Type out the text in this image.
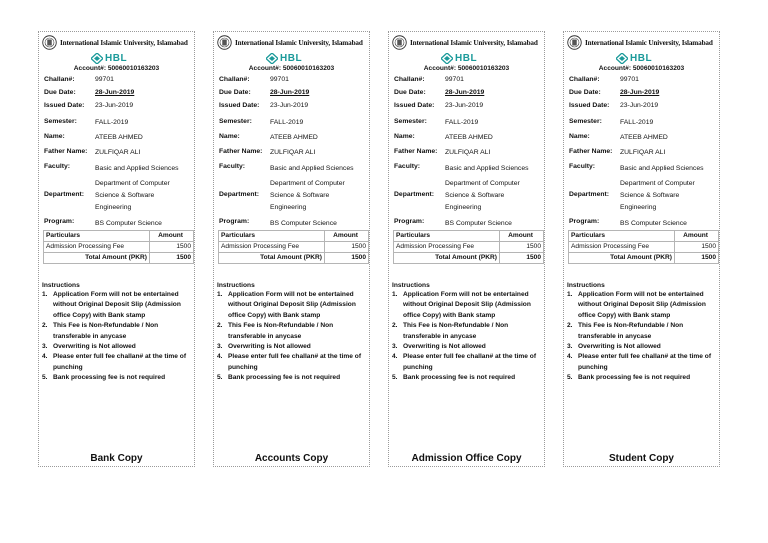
International Islamic University, Islamabad
HBL
Account#: 50060010163203
Challan#:	99701
Due Date:	28-Jun-2019
Issued Date: 23-Jun-2019
Semester:	FALL-2019
Name:	ATEEB AHMED
Father Name: ZULFIQAR ALI
Faculty:	Basic and Applied Sciences
Department:
Department of Computer
Science & Software
Engineering
Program:	BS Computer Science
Particulars	Amount
Admission Processing Fee	1500
Total Amount (PKR)	1500
Instructions
1. Application Form will not be entertained without Original Deposit Slip (Admission office Copy) with Bank stamp
2. This Fee is Non-Refundable / Non transferable in anycase
3. Overwriting is Not allowed
4. Please enter full fee challan# at the time of punching
5. Bank processing fee is not required
Bank Copy
International Islamic University, Islamabad
HBL
Account#: 50060010163203
Challan#:	99701
Due Date:	28-Jun-2019
Issued Date: 23-Jun-2019
Semester:	FALL-2019
Name:	ATEEB AHMED
Father Name: ZULFIQAR ALI
Faculty:	Basic and Applied Sciences
Department:
Department of Computer
Science & Software
Engineering
Program:	BS Computer Science
Particulars	Amount
Admission Processing Fee	1500
Total Amount (PKR)	1500
Instructions
1. Application Form will not be entertained without Original Deposit Slip (Admission office Copy) with Bank stamp
2. This Fee is Non-Refundable / Non transferable in anycase
3. Overwriting is Not allowed
4. Please enter full fee challan# at the time of punching
5. Bank processing fee is not required
Accounts Copy
International Islamic University, Islamabad
HBL
Account#: 50060010163203
Challan#:	99701
Due Date:	28-Jun-2019
Issued Date: 23-Jun-2019
Semester:	FALL-2019
Name:	ATEEB AHMED
Father Name: ZULFIQAR ALI
Faculty:	Basic and Applied Sciences
Department:
Department of Computer
Science & Software
Engineering
Program:	BS Computer Science
Particulars	Amount
Admission Processing Fee	1500
Total Amount (PKR)	1500
Instructions
1. Application Form will not be entertained without Original Deposit Slip (Admission office Copy) with Bank stamp
2. This Fee is Non-Refundable / Non transferable in anycase
3. Overwriting is Not allowed
4. Please enter full fee challan# at the time of punching
5. Bank processing fee is not required
Admission Office Copy
International Islamic University, Islamabad
HBL
Account#: 50060010163203
Challan#:	99701
Due Date:	28-Jun-2019
Issued Date: 23-Jun-2019
Semester:	FALL-2019
Name:	ATEEB AHMED
Father Name: ZULFIQAR ALI
Faculty:	Basic and Applied Sciences
Department:
Department of Computer
Science & Software
Engineering
Program:	BS Computer Science
Particulars	Amount
Admission Processing Fee	1500
Total Amount (PKR)	1500
Instructions
1. Application Form will not be entertained without Original Deposit Slip (Admission office Copy) with Bank stamp
2. This Fee is Non-Refundable / Non transferable in anycase
3. Overwriting is Not allowed
4. Please enter full fee challan# at the time of punching
5. Bank processing fee is not required
Student Copy
